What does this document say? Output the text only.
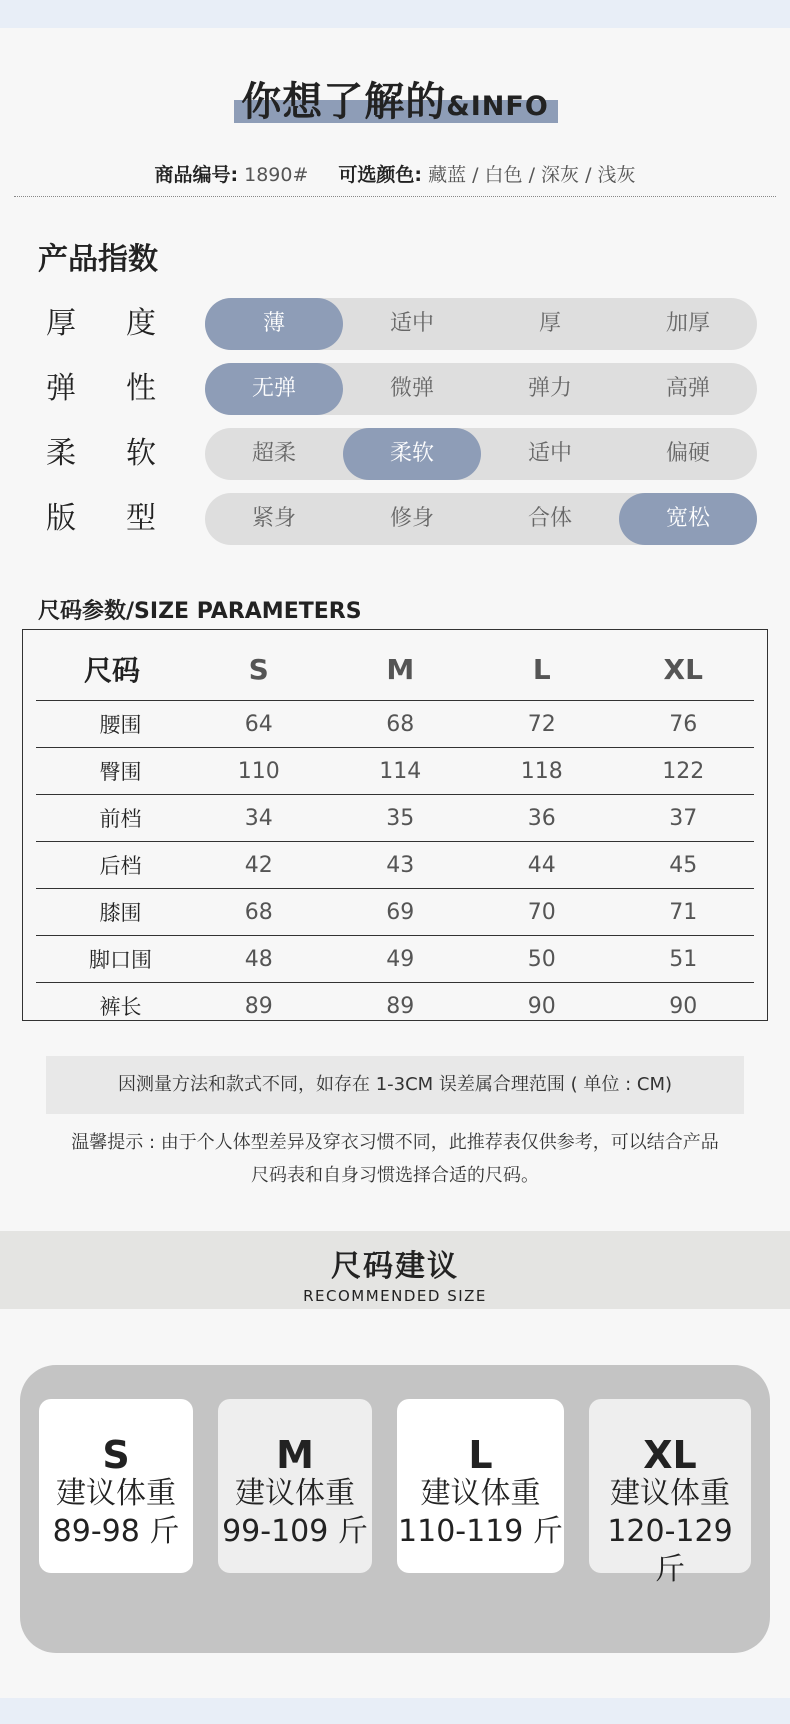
你想了解的&INFO
商品编号: 1890# 可选颜色: 藏蓝 / 白色 / 深灰 / 浅灰
产品指数
厚 度	薄	适中	厚	加厚
弹 性	无弹	微弹	弹力	高弹
柔 软	超柔	柔软	适中	偏硬
版 型	紧身	修身	合体	宽松
尺码参数/SIZE PARAMETERS
尺码	S	M	L	XL
腰围	64	68	72	76
臀围	110	114	118	122
前档	34	35	36	37
后档	42	43	44	45
膝围	68	69	70	71
脚口围	48	49	50	51
裤长	89	89	90	90
因测量方法和款式不同，如存在 1-3CM 误差属合理范围 ( 单位 : CM)
温馨提示 : 由于个人体型差异及穿衣习惯不同，此推荐表仅供参考，可以结合产品
尺码表和自身习惯选择合适的尺码。
尺码建议
RECOMMENDED SIZE
S
建议体重
89-98 斤
M
建议体重
99-109 斤
L
建议体重
110-119 斤
XL
建议体重
120-129 斤
